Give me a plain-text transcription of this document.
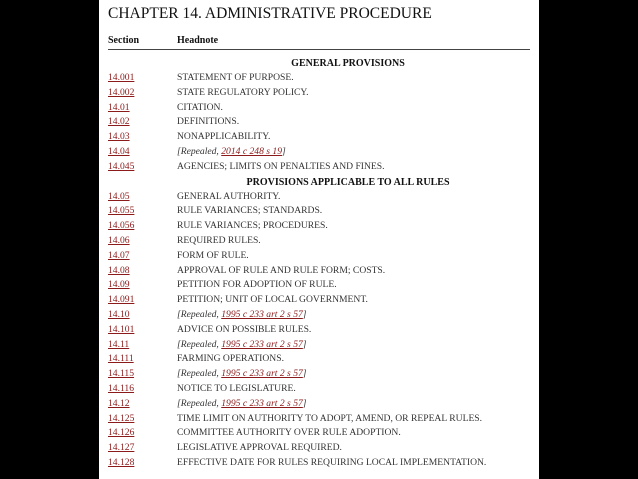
CHAPTER 14. ADMINISTRATIVE PROCEDURE
Section	Headnote
GENERAL PROVISIONS
14.001	STATEMENT OF PURPOSE.
14.002	STATE REGULATORY POLICY.
14.01	CITATION.
14.02	DEFINITIONS.
14.03	NONAPPLICABILITY.
14.04	[Repealed, 2014 c 248 s 19]
14.045	AGENCIES; LIMITS ON PENALTIES AND FINES.
PROVISIONS APPLICABLE TO ALL RULES
14.05	GENERAL AUTHORITY.
14.055	RULE VARIANCES; STANDARDS.
14.056	RULE VARIANCES; PROCEDURES.
14.06	REQUIRED RULES.
14.07	FORM OF RULE.
14.08	APPROVAL OF RULE AND RULE FORM; COSTS.
14.09	PETITION FOR ADOPTION OF RULE.
14.091	PETITION; UNIT OF LOCAL GOVERNMENT.
14.10	[Repealed, 1995 c 233 art 2 s 57]
14.101	ADVICE ON POSSIBLE RULES.
14.11	[Repealed, 1995 c 233 art 2 s 57]
14.111	FARMING OPERATIONS.
14.115	[Repealed, 1995 c 233 art 2 s 57]
14.116	NOTICE TO LEGISLATURE.
14.12	[Repealed, 1995 c 233 art 2 s 57]
14.125	TIME LIMIT ON AUTHORITY TO ADOPT, AMEND, OR REPEAL RULES.
14.126	COMMITTEE AUTHORITY OVER RULE ADOPTION.
14.127	LEGISLATIVE APPROVAL REQUIRED.
14.128	EFFECTIVE DATE FOR RULES REQUIRING LOCAL IMPLEMENTATION.
